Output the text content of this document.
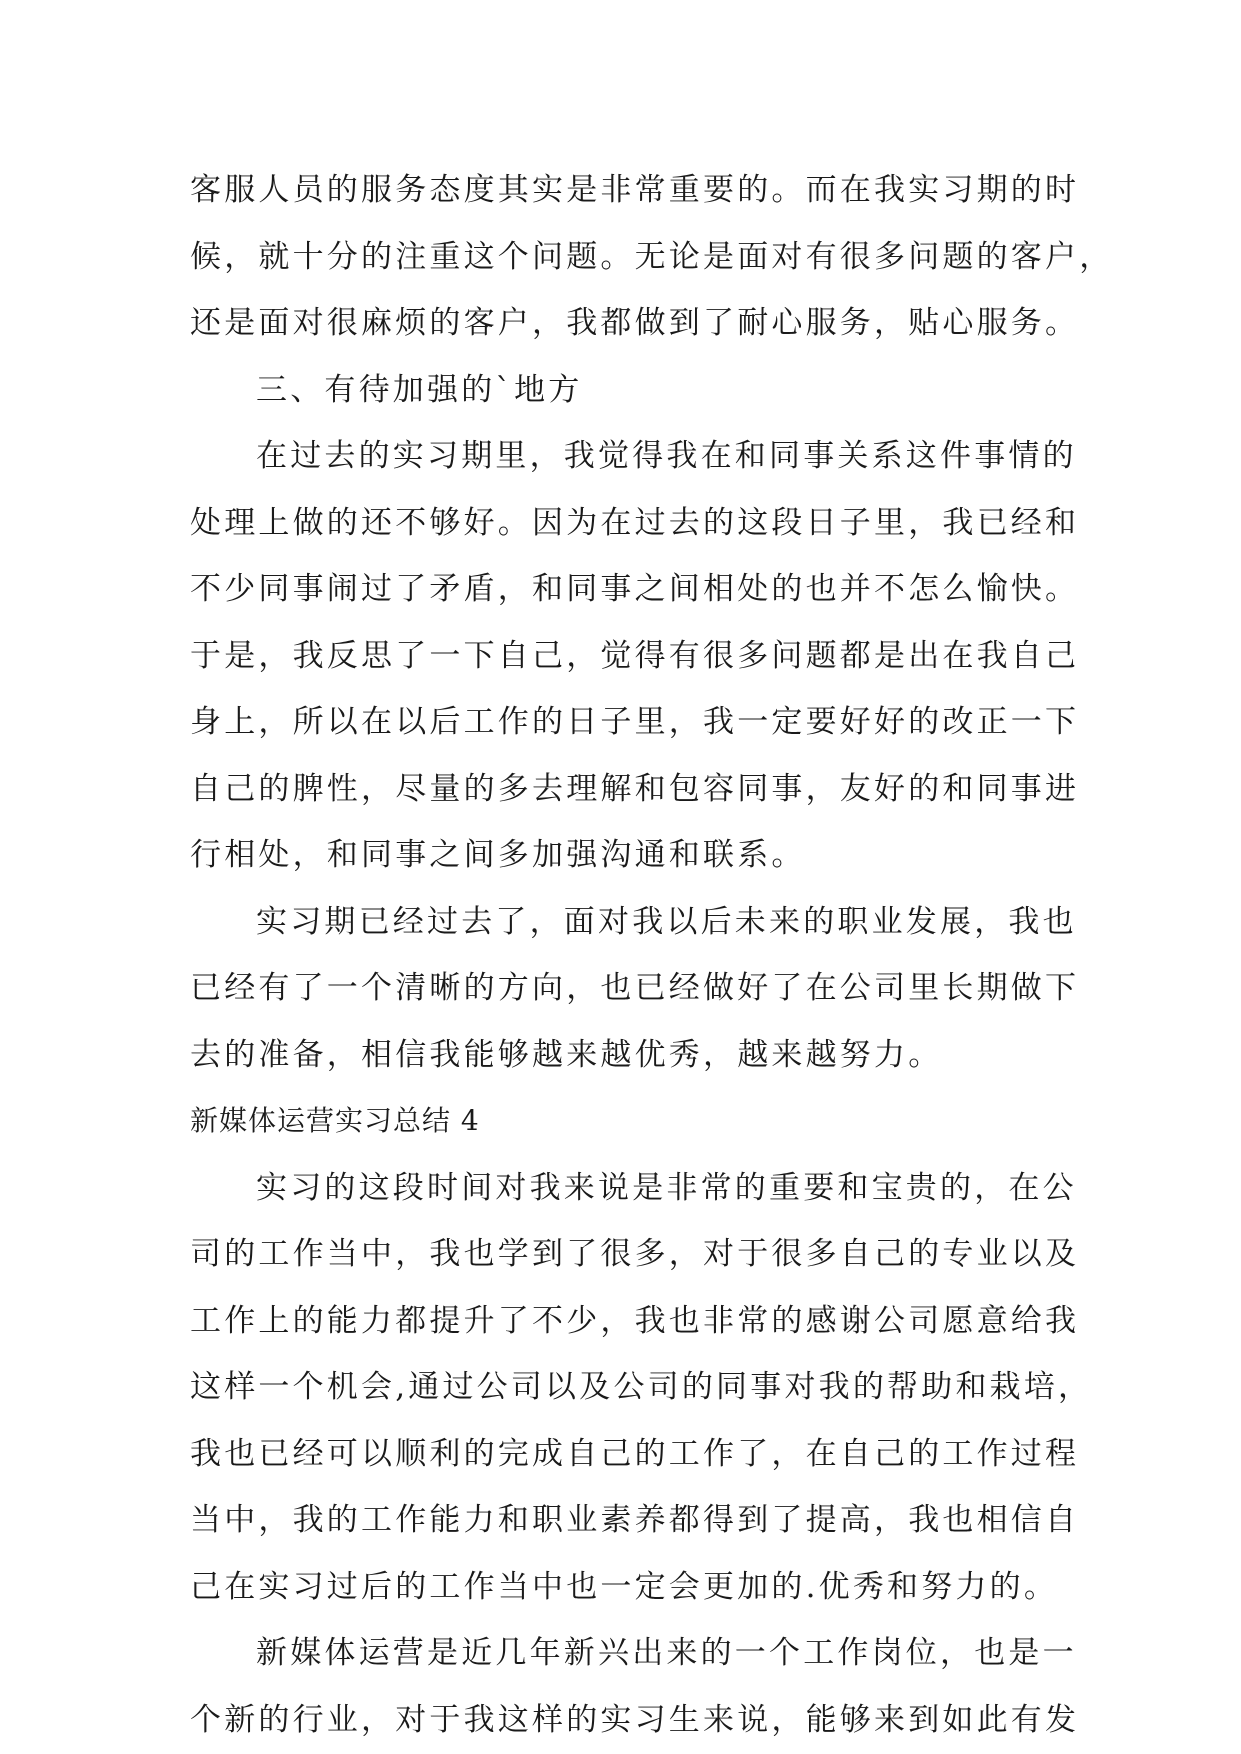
客服人员的服务态度其实是非常重要的。而在我实习期的时
候，就十分的注重这个问题。无论是面对有很多问题的客户，
还是面对很麻烦的客户，我都做到了耐心服务，贴心服务。
三、有待加强的`地方
在过去的实习期里，我觉得我在和同事关系这件事情的
处理上做的还不够好。因为在过去的这段日子里，我已经和
不少同事闹过了矛盾，和同事之间相处的也并不怎么愉快。
于是，我反思了一下自己，觉得有很多问题都是出在我自己
身上，所以在以后工作的日子里，我一定要好好的改正一下
自己的脾性，尽量的多去理解和包容同事，友好的和同事进
行相处，和同事之间多加强沟通和联系。
实习期已经过去了，面对我以后未来的职业发展，我也
已经有了一个清晰的方向，也已经做好了在公司里长期做下
去的准备，相信我能够越来越优秀，越来越努力。
新媒体运营实习总结 4
实习的这段时间对我来说是非常的重要和宝贵的，在公
司的工作当中，我也学到了很多，对于很多自己的专业以及
工作上的能力都提升了不少，我也非常的感谢公司愿意给我
这样一个机会,通过公司以及公司的同事对我的帮助和栽培，
我也已经可以顺利的完成自己的工作了，在自己的工作过程
当中，我的工作能力和职业素养都得到了提高，我也相信自
己在实习过后的工作当中也一定会更加的.优秀和努力的。
新媒体运营是近几年新兴出来的一个工作岗位，也是一
个新的行业，对于我这样的实习生来说，能够来到如此有发
